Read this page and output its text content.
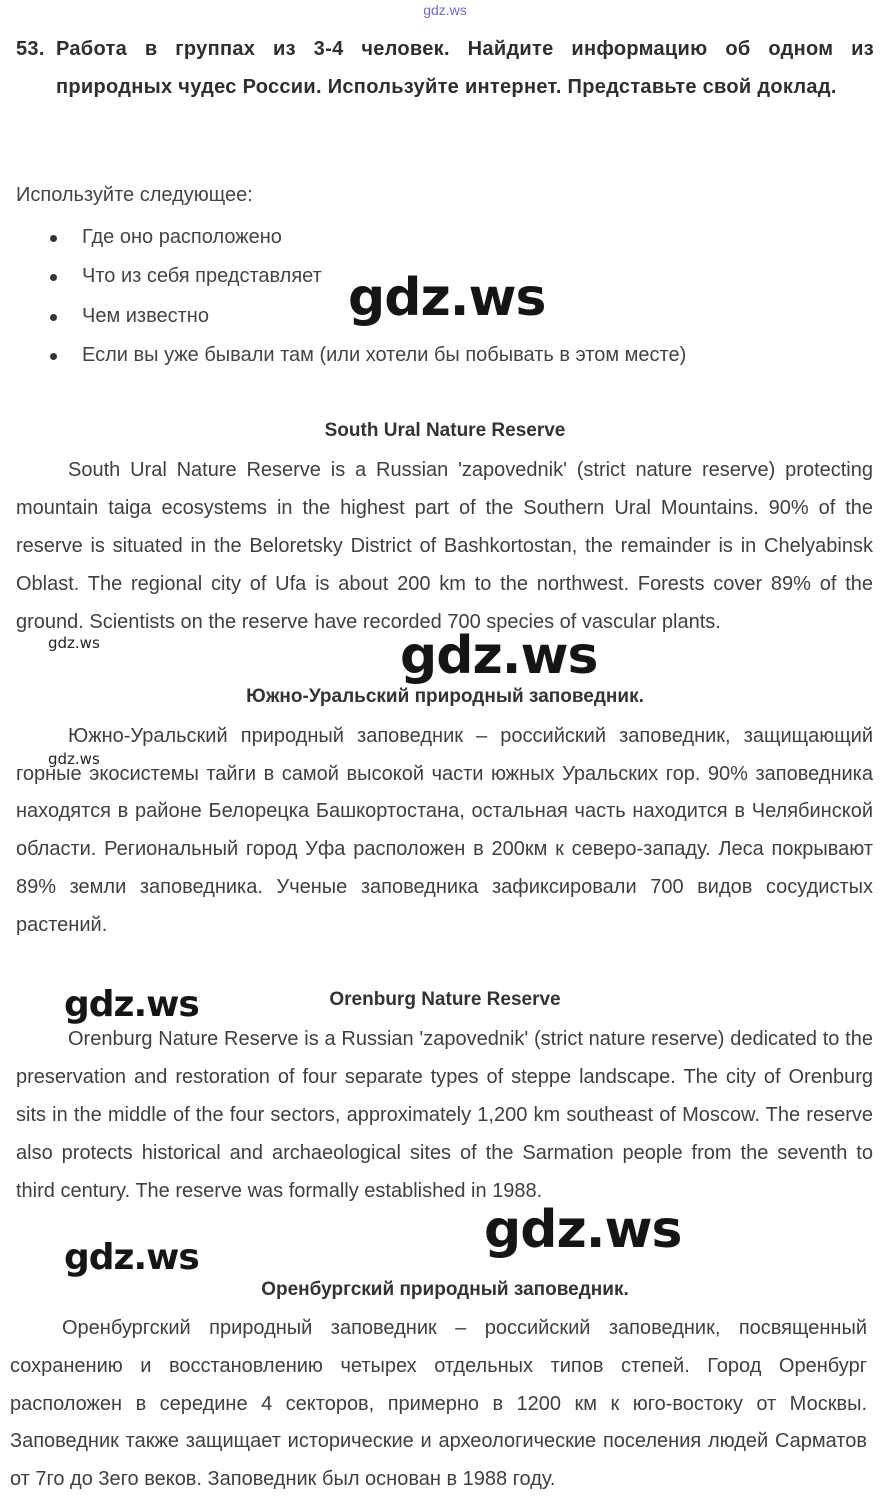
gdz.ws
53. Работа в группах из 3-4 человек. Найдите информацию об одном из природных чудес России. Используйте интернет. Представьте свой доклад.
Используйте следующее:
Где оно расположено
Что из себя представляет
Чем известно
Если вы уже бывали там (или хотели бы побывать в этом месте)
South Ural Nature Reserve
South Ural Nature Reserve is a Russian 'zapovednik' (strict nature reserve) protecting mountain taiga ecosystems in the highest part of the Southern Ural Mountains. 90% of the reserve is situated in the Beloretsky District of Bashkortostan, the remainder is in Chelyabinsk Oblast. The regional city of Ufa is about 200 km to the northwest. Forests cover 89% of the ground. Scientists on the reserve have recorded 700 species of vascular plants.
Южно-Уральский природный заповедник.
Южно-Уральский природный заповедник – российский заповедник, защищающий горные экосистемы тайги в самой высокой части южных Уральских гор. 90% заповедника находятся в районе Белорецка Башкортостана, остальная часть находится в Челябинской области. Региональный город Уфа расположен в 200км к северо-западу. Леса покрывают 89% земли заповедника. Ученые заповедника зафиксировали 700 видов сосудистых растений.
Orenburg Nature Reserve
Orenburg Nature Reserve is a Russian 'zapovednik' (strict nature reserve) dedicated to the preservation and restoration of four separate types of steppe landscape. The city of Orenburg sits in the middle of the four sectors, approximately 1,200 km southeast of Moscow. The reserve also protects historical and archaeological sites of the Sarmation people from the seventh to third century. The reserve was formally established in 1988.
Оренбургский природный заповедник.
Оренбургский природный заповедник – российский заповедник, посвященный сохранению и восстановлению четырех отдельных типов степей. Город Оренбург расположен в середине 4 секторов, примерно в 1200 км к юго-востоку от Москвы. Заповедник также защищает исторические и археологические поселения людей Сарматов от 7го до 3его веков. Заповедник был основан в 1988 году.
gdz.ws
gdz.ws
gdz.ws
gdz.ws
gdz.ws
gdz.ws
gdz.ws
